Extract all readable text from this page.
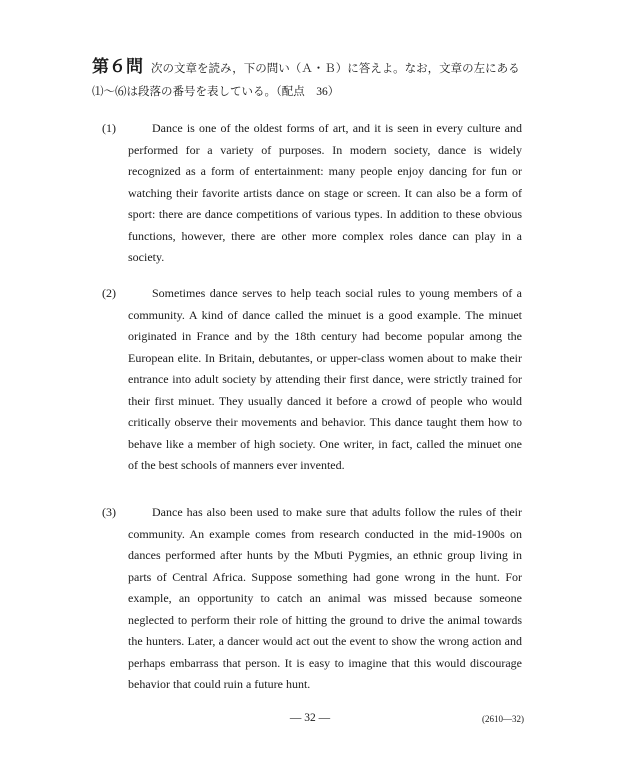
第６問 次の文章を読み，下の問い（Ａ・Ｂ）に答えよ。なお，文章の左にある⑴〜⑹は段落の番号を表している。（配点　36）
(1)	Dance is one of the oldest forms of art, and it is seen in every culture and performed for a variety of purposes. In modern society, dance is widely recognized as a form of entertainment: many people enjoy dancing for fun or watching their favorite artists dance on stage or screen. It can also be a form of sport: there are dance competitions of various types. In addition to these obvious functions, however, there are other more complex roles dance can play in a society.
(2)	Sometimes dance serves to help teach social rules to young members of a community. A kind of dance called the minuet is a good example. The minuet originated in France and by the 18th century had become popular among the European elite. In Britain, debutantes, or upper-class women about to make their entrance into adult society by attending their first dance, were strictly trained for their first minuet. They usually danced it before a crowd of people who would critically observe their movements and behavior. This dance taught them how to behave like a member of high society. One writer, in fact, called the minuet one of the best schools of manners ever invented.
(3)	Dance has also been used to make sure that adults follow the rules of their community. An example comes from research conducted in the mid-1900s on dances performed after hunts by the Mbuti Pygmies, an ethnic group living in parts of Central Africa. Suppose something had gone wrong in the hunt. For example, an opportunity to catch an animal was missed because someone neglected to perform their role of hitting the ground to drive the animal towards the hunters. Later, a dancer would act out the event to show the wrong action and perhaps embarrass that person. It is easy to imagine that this would discourage behavior that could ruin a future hunt.
— 32 —	(2610—32)
